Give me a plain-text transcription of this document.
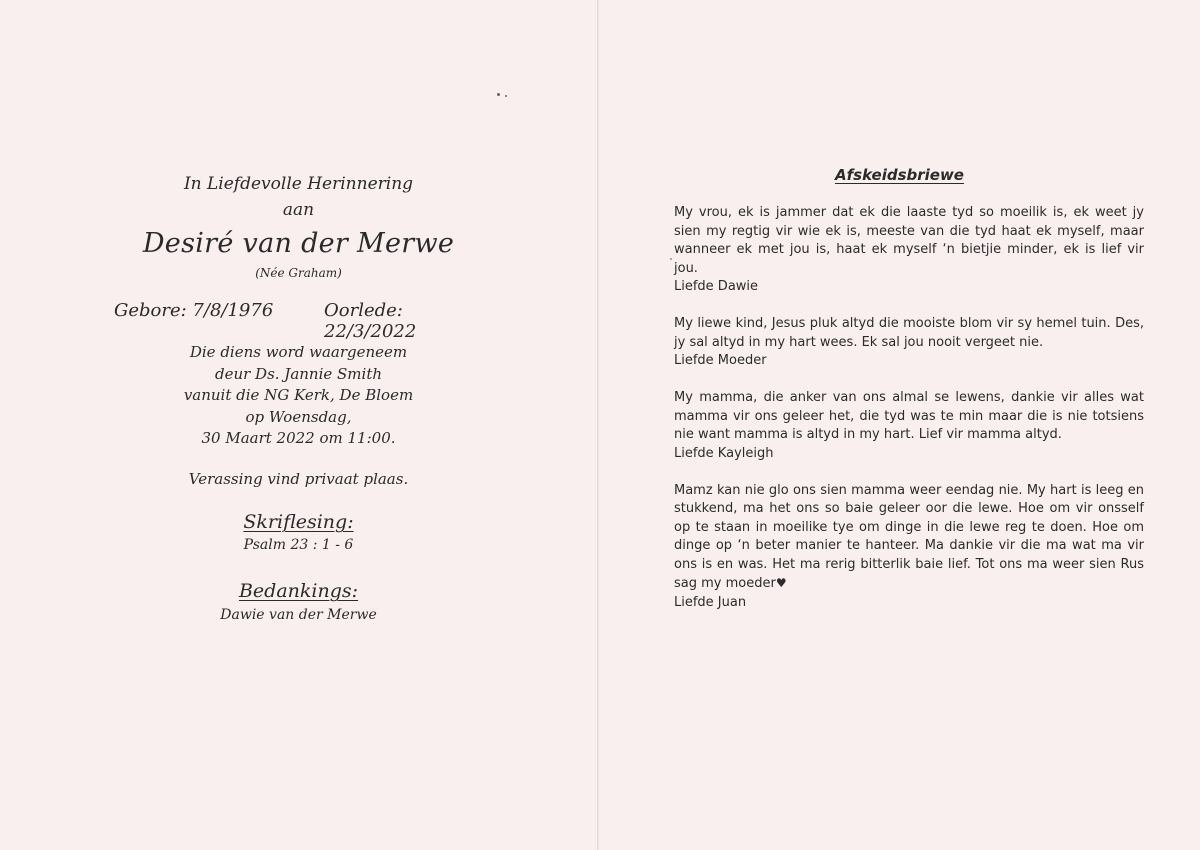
In Liefdevolle Herinnering
aan
Desiré van der Merwe
(Née Graham)
Gebore: 7/8/1976	Oorlede: 22/3/2022
Die diens word waargeneem
deur Ds. Jannie Smith
vanuit die NG Kerk, De Bloem
op Woensdag,
30 Maart 2022 om 11:00.
Verassing vind privaat plaas.
Skriflesing:
Psalm 23 : 1 - 6
Bedankings:
Dawie van der Merwe
Afskeidsbriewe

My vrou, ek is jammer dat ek die laaste tyd so moeilik is, ek weet jy sien my regtig vir wie ek is, meeste van die tyd haat ek myself, maar wanneer ek met jou is, haat ek myself ‘n bietjie minder, ek is lief vir jou.

Liefde Dawie

My liewe kind, Jesus pluk altyd die mooiste blom vir sy hemel tuin. Des, jy sal altyd in my hart wees. Ek sal jou nooit vergeet nie.

Liefde Moeder

My mamma, die anker van ons almal se lewens, dankie vir alles wat mamma vir ons geleer het, die tyd was te min maar die is nie totsiens nie want mamma is altyd in my hart. Lief vir mamma altyd.

Liefde Kayleigh

Mamz kan nie glo ons sien mamma weer eendag nie. My hart is leeg en stukkend, ma het ons so baie geleer oor die lewe. Hoe om vir onsself op te staan in moeilike tye om dinge in die lewe reg te doen. Hoe om dinge op ‘n beter manier te hanteer. Ma dankie vir die ma wat ma vir ons is en was. Het ma rerig bitterlik baie lief. Tot ons ma weer sien Rus sag my moeder♥

Liefde Juan
